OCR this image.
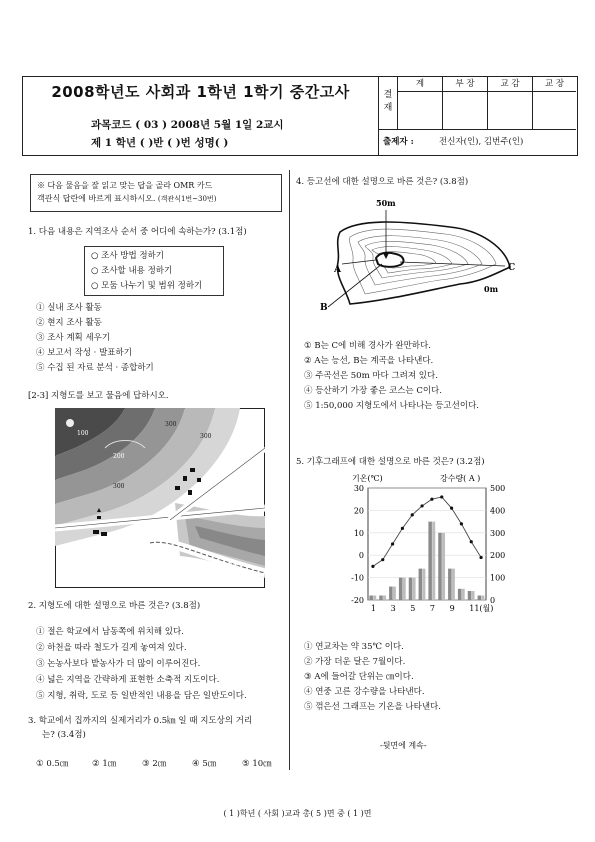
2008학년도 사회과 1학년 1학기 중간고사
과목코드 ( 03 ) 2008년 5월 1일 2교시
제 1 학년 ( )반 ( )번 성명( )
결 재
계	부 장	교 감	교 장
출제자 :	전신자(인), 김번주(인)
※ 다음 물음을 잘 읽고 맞는 답을 골라 OMR 카드
객관식 답란에 바르게 표시하시오. (객관식1번~30번)
1. 다음 내용은 지역조사 순서 중 어디에 속하는가? (3.1점)
○ 조사 방법 정하기
○ 조사할 내용 정하기
○ 모둠 나누기 및 범위 정하기
① 실내 조사 활동
② 현지 조사 활동
③ 조사 계획 세우기
④ 보고서 작성 · 발표하기
⑤ 수집 된 자료 분석 · 종합하기
[2-3] 지형도를 보고 물음에 답하시오.
100
200
300
300
300
400
2. 지형도에 대한 설명으로 바른 것은? (3.8점)
① 절은 학교에서 남동쪽에 위치해 있다.
② 하천을 따라 철도가 길게 놓여져 있다.
③ 논농사보다 밭농사가 더 많이 이루어진다.
④ 넓은 지역을 간략하게 표현한 소축적 지도이다.
⑤ 지형, 취락, 도로 등 일반적인 내용을 담은 일반도이다.
3. 학교에서 집까지의 실제거리가 0.5㎞ 일 때 지도상의 거리
는? (3.4점)
① 0.5㎝	② 1㎝	③ 2㎝	④ 5㎝	⑤ 10㎝
4. 등고선에 대한 설명으로 바른 것은? (3.8점)
50m
A
B
C
0m
① B는 C에 비해 경사가 완만하다.
② A는 능선, B는 계곡을 나타낸다.
③ 주곡선은 50m 마다 그려져 있다.
④ 등산하기 가장 좋은 코스는 C이다.
⑤ 1:50,000 지형도에서 나타나는 등고선이다.
5. 기후그래프에 대한 설명으로 바른 것은? (3.2점)
기온(℃)	강수량( A )
30	500
20	400
10	300
0	200
-10	100
-20	0
1 3 5 7 9 11(월)
① 연교차는 약 35℃ 이다.
② 가장 더운 달은 7월이다.
③ A에 들어갈 단위는 ㎝이다.
④ 연중 고른 강수량을 나타낸다.
⑤ 꺾은선 그래프는 기온을 나타낸다.
-뒷면에 계속-
( 1 )학년 ( 사회 )교과 총( 5 )면 중 ( 1 )면
